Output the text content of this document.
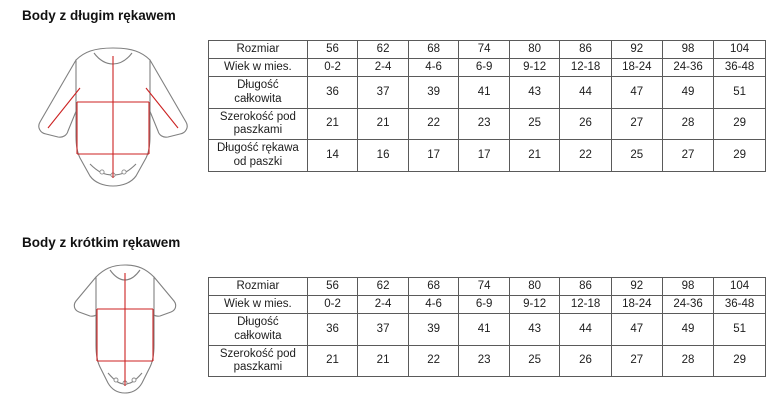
Body z długim rękawem
Rozmiar	56	62	68	74	80	86	92	98	104
Wiek w mies.	0-2	2-4	4-6	6-9	9-12	12-18	18-24	24-36	36-48
Długość całkowita	36	37	39	41	43	44	47	49	51
Szerokość pod paszkami	21	21	22	23	25	26	27	28	29
Długość rękawa od paszki	14	16	17	17	21	22	25	27	29
Body z krótkim rękawem
Rozmiar	56	62	68	74	80	86	92	98	104
Wiek w mies.	0-2	2-4	4-6	6-9	9-12	12-18	18-24	24-36	36-48
Długość całkowita	36	37	39	41	43	44	47	49	51
Szerokość pod paszkami	21	21	22	23	25	26	27	28	29
